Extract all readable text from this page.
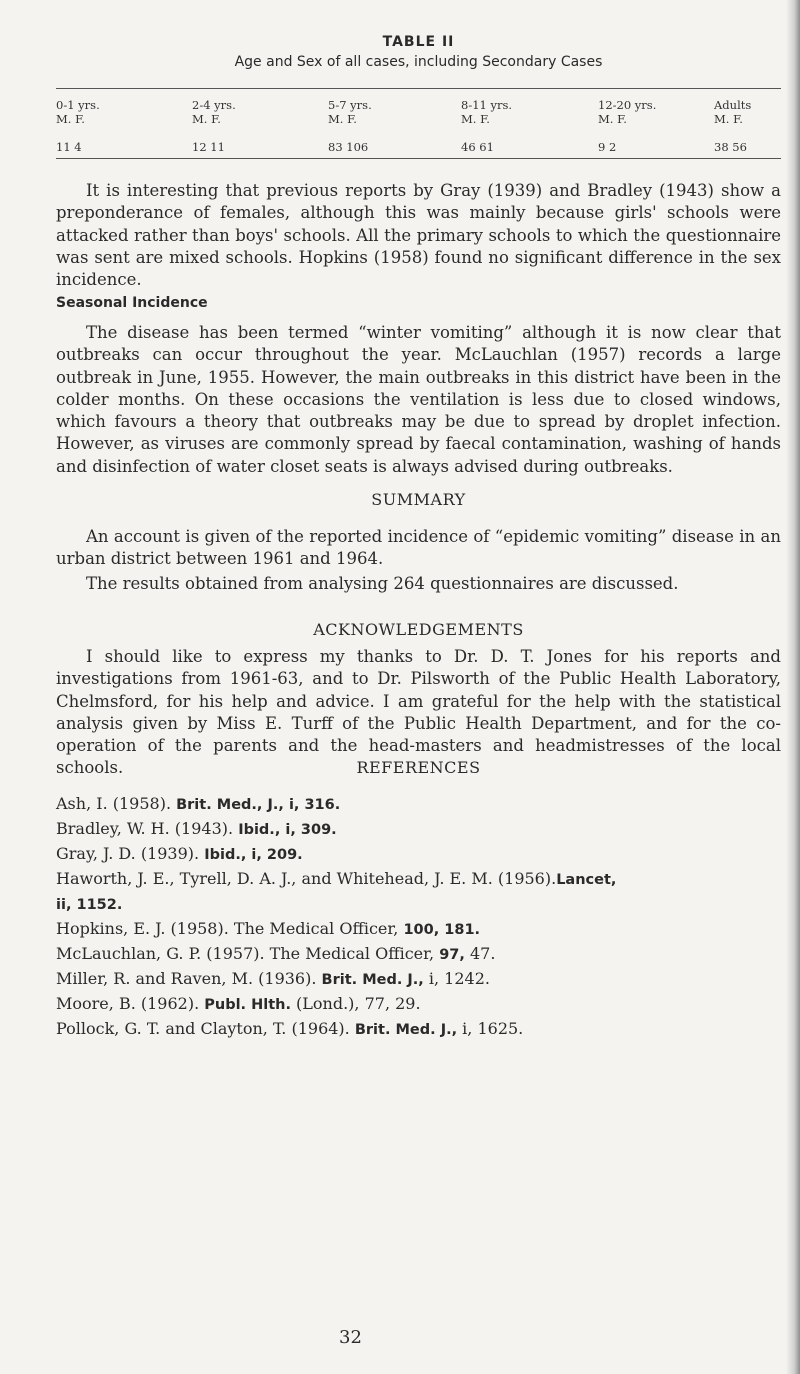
TABLE II
Age and Sex of all cases, including Secondary Cases
0-1 yrs.
M. F.
11 4
2-4 yrs.
M. F.
12 11
5-7 yrs.
M. F.
83 106
8-11 yrs.
M. F.
46 61
12-20 yrs.
M. F.
9 2
Adults
M. F.
38 56
It is interesting that previous reports by Gray (1939) and Bradley (1943) show a preponderance of females, although this was mainly because girls' schools were attacked rather than boys' schools. All the primary schools to which the questionnaire was sent are mixed schools. Hopkins (1958) found no significant difference in the sex incidence.
Seasonal Incidence
The disease has been termed “winter vomiting” although it is now clear that outbreaks can occur throughout the year. McLauchlan (1957) records a large outbreak in June, 1955. However, the main outbreaks in this district have been in the colder months. On these occasions the ventilation is less due to closed windows, which favours a theory that outbreaks may be due to spread by droplet infection. However, as viruses are commonly spread by faecal contamination, washing of hands and disinfection of water closet seats is always advised during outbreaks.
SUMMARY
An account is given of the reported incidence of “epidemic vomiting” disease in an urban district between 1961 and 1964.
The results obtained from analysing 264 questionnaires are discussed.
ACKNOWLEDGEMENTS
I should like to express my thanks to Dr. D. T. Jones for his reports and investigations from 1961-63, and to Dr. Pilsworth of the Public Health Laboratory, Chelmsford, for his help and advice. I am grateful for the help with the statistical analysis given by Miss E. Turff of the Public Health Department, and for the co-operation of the parents and the head-masters and headmistresses of the local schools.	REFERENCES
Ash, I. (1958). Brit. Med., J., i, 316.
Bradley, W. H. (1943). Ibid., i, 309.
Gray, J. D. (1939). Ibid., i, 209.
Haworth, J. E., Tyrell, D. A. J., and Whitehead, J. E. M. (1956).Lancet,
ii, 1152.
Hopkins, E. J. (1958). The Medical Officer, 100, 181.
McLauchlan, G. P. (1957). The Medical Officer, 97, 47.
Miller, R. and Raven, M. (1936). Brit. Med. J., i, 1242.
Moore, B. (1962). Publ. Hlth. (Lond.), 77, 29.
Pollock, G. T. and Clayton, T. (1964). Brit. Med. J., i, 1625.
32
